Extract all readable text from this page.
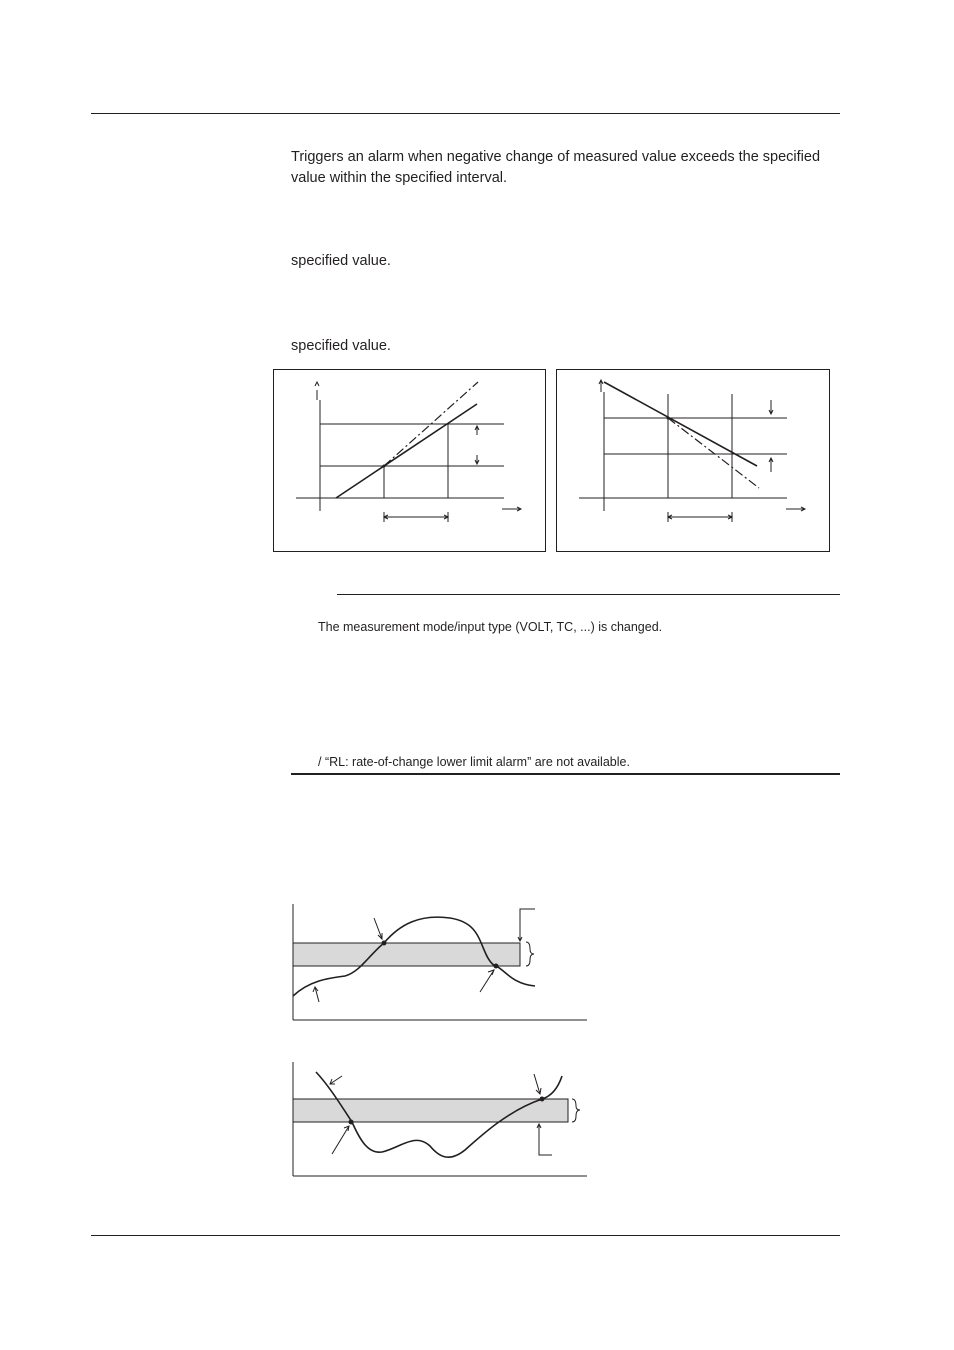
Triggers an alarm when negative change of measured value exceeds the specified
value within the specified interval.
specified value.
specified value.
The measurement mode/input type (VOLT, TC, ...) is changed.
/ “RL: rate-of-change lower limit alarm” are not available.
